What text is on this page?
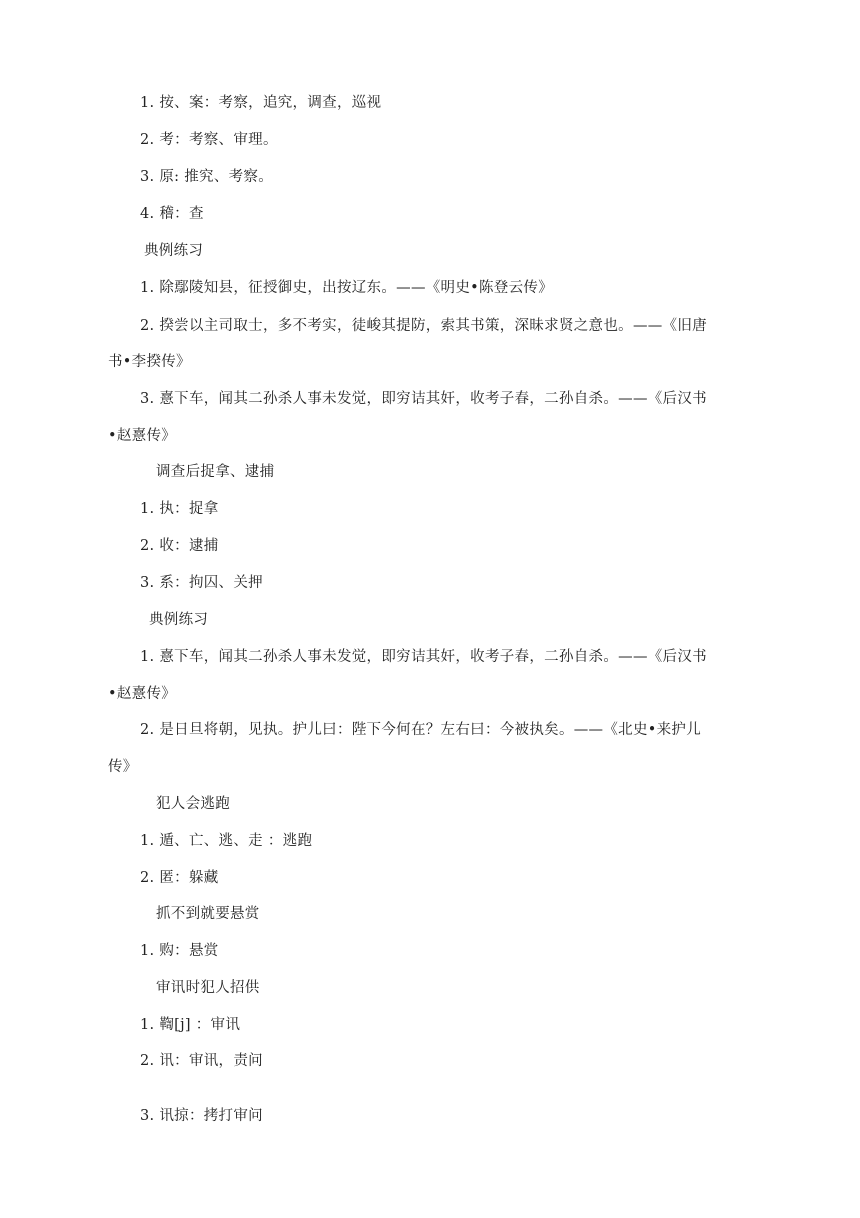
1. 按、案：考察，追究，调查，巡视
2. 考：考察、审理。
3. 原: 推究、考察。
4. 稽：查
典例练习
1. 除鄢陵知县，征授御史，出按辽东。——《明史•陈登云传》
2. 揆尝以主司取士，多不考实，徒峻其提防，索其书策，深昧求贤之意也。——《旧唐
书•李揆传》
3. 憙下车，闻其二孙杀人事未发觉，即穷诘其奸，收考子春，二孙自杀。——《后汉书
•赵憙传》
调查后捉拿、逮捕
1. 执：捉拿
2. 收：逮捕
3. 系：拘囚、关押
典例练习
1. 憙下车，闻其二孙杀人事未发觉，即穷诘其奸，收考子春，二孙自杀。——《后汉书
•赵憙传》
2. 是日旦将朝，见执。护儿曰：陛下今何在？左右曰：今被执矣。——《北史•来护儿
传》
犯人会逃跑
1. 遁、亡、逃、走 ：逃跑
2. 匿：躲藏
抓不到就要悬赏
1. 购：悬赏
审讯时犯人招供
1. 鞫[j] ：审讯
2. 讯：审讯，责问
3. 讯掠：拷打审问
